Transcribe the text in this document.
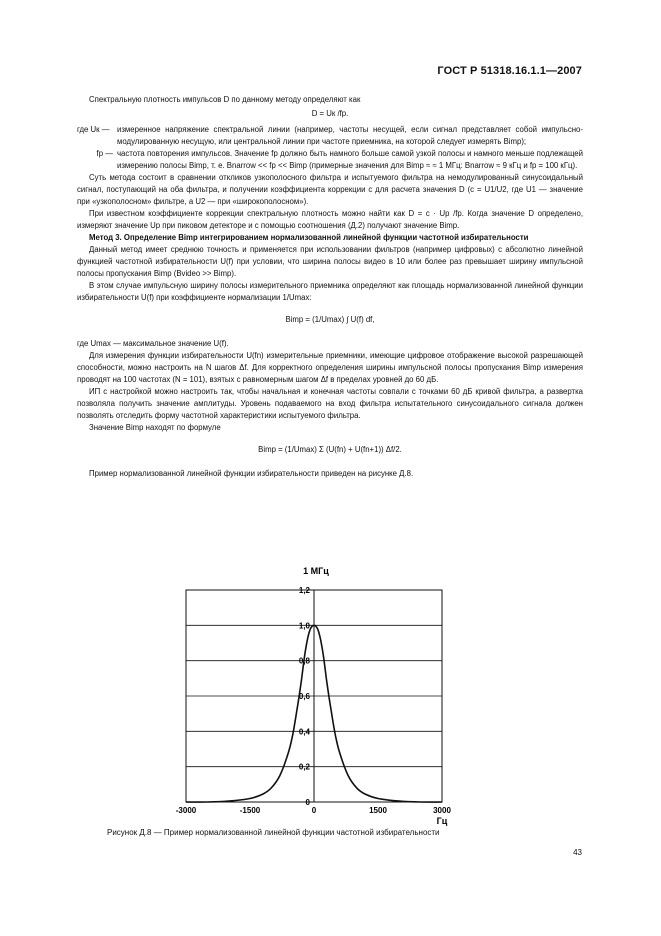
ГОСТ Р 51318.16.1.1—2007

Спектральную плотность импульсов D по данному методу определяют как

D = Uк /fр.

где Uк — измеренное напряжение спектральной линии (например, частоты несущей, если сигнал представляет собой импульсно-модулированную несущую, или центральной линии при частоте приемника, на которой следует измерять Bimp);
fр — частота повторения импульсов. Значение fр должно быть намного больше самой узкой полосы и намного меньше подлежащей измерению полосы Bimp, т. е. Bnarrow << fр << Bimp (примерные значения для Bimp ≈ ≈ 1 МГц: Bnarrow ≈ 9 кГц и fр = 100 кГц).

Суть метода состоит в сравнении откликов узкополосного фильтра и испытуемого фильтра на немодулированный синусоидальный сигнал, поступающий на оба фильтра, и получении коэффициента коррекции c для расчета значения D (c = U1/U2, где U1 — значение при «узкополосном» фильтре, а U2 — при «широкополосном»).

При известном коэффициенте коррекции спектральную плотность можно найти как D = c · Uр /fр. Когда значение D определено, измеряют значение Uр при пиковом детекторе и с помощью соотношения (Д.2) получают значение Bimp.

Метод 3. Определение Bimp интегрированием нормализованной линейной функции частотной избирательности

Данный метод имеет среднюю точность и применяется при использовании фильтров (например цифровых) с абсолютно линейной функцией частотной избирательности U(f) при условии, что ширина полосы видео в 10 или более раз превышает ширину импульсной полосы пропускания Bimp (Bvideo >> Bimp).

В этом случае импульсную ширину полосы измерительного приемника определяют как площадь нормализованной линейной функции избирательности U(f) при коэффициенте нормализации 1/Umax:

Bimp = (1/Umax) ∫ U(f) df,

где Umax — максимальное значение U(f).

Для измерения функции избирательности U(fn) измерительные приемники, имеющие цифровое отображение высокой разрешающей способности, можно настроить на N шагов Δf. Для корректного определения ширины импульсной полосы пропускания Bimp измерения проводят на 100 частотах (N = 101), взятых с равномерным шагом Δf в пределах уровней до 60 дБ.

ИП с настройкой можно настроить так, чтобы начальная и конечная частоты совпали с точками 60 дБ кривой фильтра, а развертка позволяла получить значение амплитуды. Уровень подаваемого на вход фильтра испытательного синусоидального сигнала должен позволять отследить форму частотной характеристики испытуемого фильтра.

Значение Bimp находят по формуле

Bimp = (1/Umax) Σ (U(fn) + U(fn+1)) Δf/2.

Пример нормализованной линейной функции избирательности приведен на рисунке Д.8.

1 МГц
0
0,2
0,4
0,6
0,8
1,0
1,2
-3000	-1500	0	1500	3000
Гц
Рисунок Д.8 — Пример нормализованной линейной функции частотной избирательности
43
